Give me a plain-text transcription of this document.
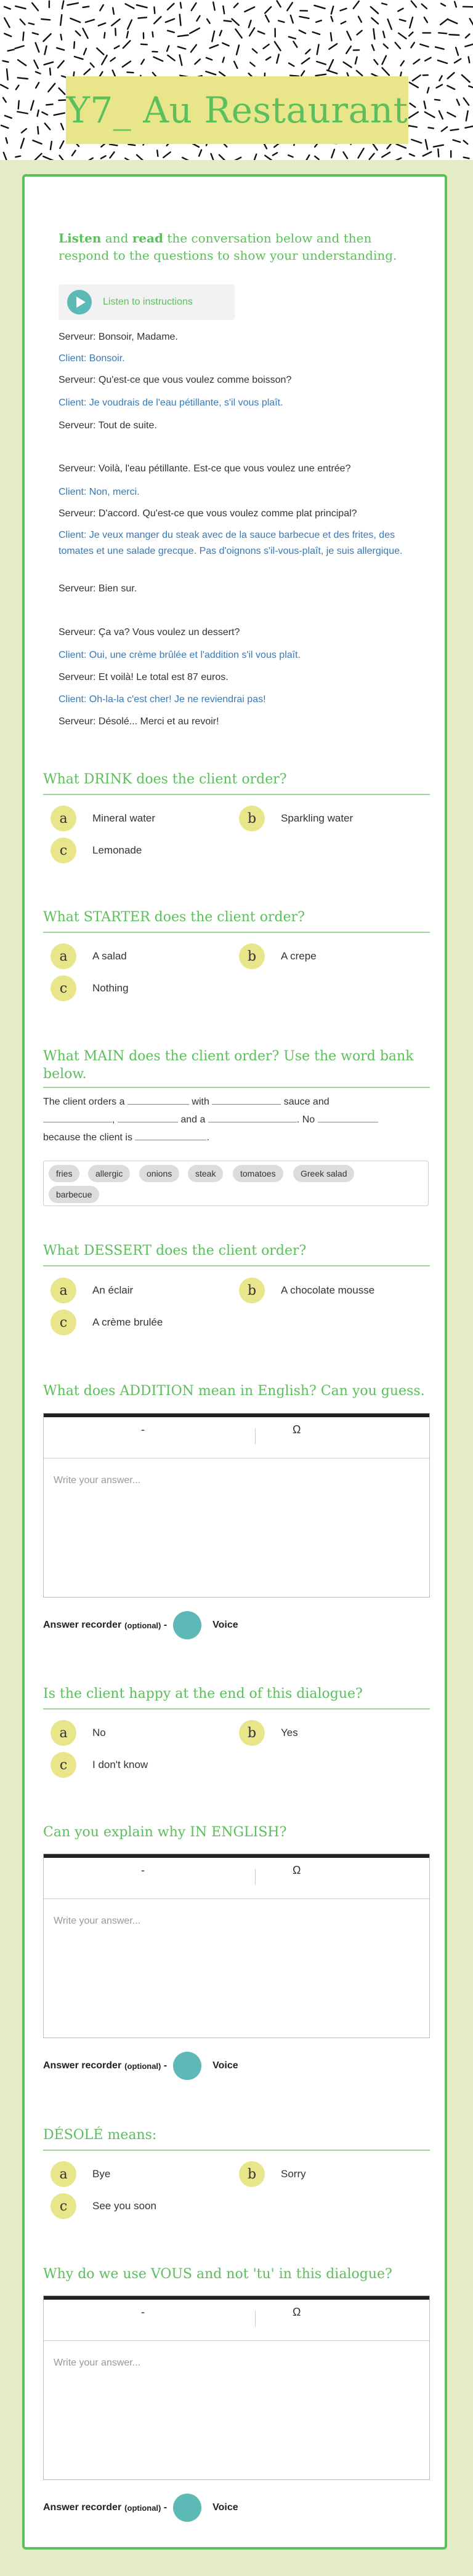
Y7_ Au Restaurant
Listen and read the conversation below and then respond to the questions to show your understanding.
Listen to instructions
Serveur: Bonsoir, Madame.
Client: Bonsoir.
Serveur: Qu'est-ce que vous voulez comme boisson?
Client: Je voudrais de l'eau pétillante, s'il vous plaît.
Serveur: Tout de suite.
Serveur: Voilà, l'eau pétillante. Est-ce que vous voulez une entrée?
Client: Non, merci.
Serveur: D'accord. Qu'est-ce que vous voulez comme plat principal?
Client: Je veux manger du steak avec de la sauce barbecue et des frites, des tomates et une salade grecque. Pas d'oignons s'il-vous-plaît, je suis allergique.
Serveur: Bien sur.
Serveur: Ça va? Vous voulez un dessert?
Client: Oui, une crème brûlée et l'addition s'il vous plaît.
Serveur: Et voilà! Le total est 87 euros.
Client: Oh-la-la c'est cher! Je ne reviendrai pas!
Serveur: Désolé... Merci et au revoir!
What DRINK does the client order?
a	Mineral water	b	Sparkling water
c	Lemonade
What STARTER does the client order?
a	A salad	b	A crepe
c	Nothing
What MAIN does the client order? Use the word bank below.
The client orders a	with	sauce and
,	and a	. No
because the client is	.
fries	allergic	onions	steak	tomatoes	Greek salad
barbecue
What DESSERT does the client order?
a	An éclair	b	A chocolate mousse
c	A crème brulée
What does ADDITION mean in English? Can you guess.
-	Ω
Write your answer...
Answer recorder (optional)
-	Voice
Is the client happy at the end of this dialogue?
a	No	b	Yes
c	I don't know
Can you explain why IN ENGLISH?
-	Ω
Write your answer...
Answer recorder (optional)
-	Voice
DÉSOLÉ means:
a	Bye	b	Sorry
c	See you soon
Why do we use VOUS and not 'tu' in this dialogue?
-	Ω
Write your answer...
Answer recorder (optional)
-	Voice
